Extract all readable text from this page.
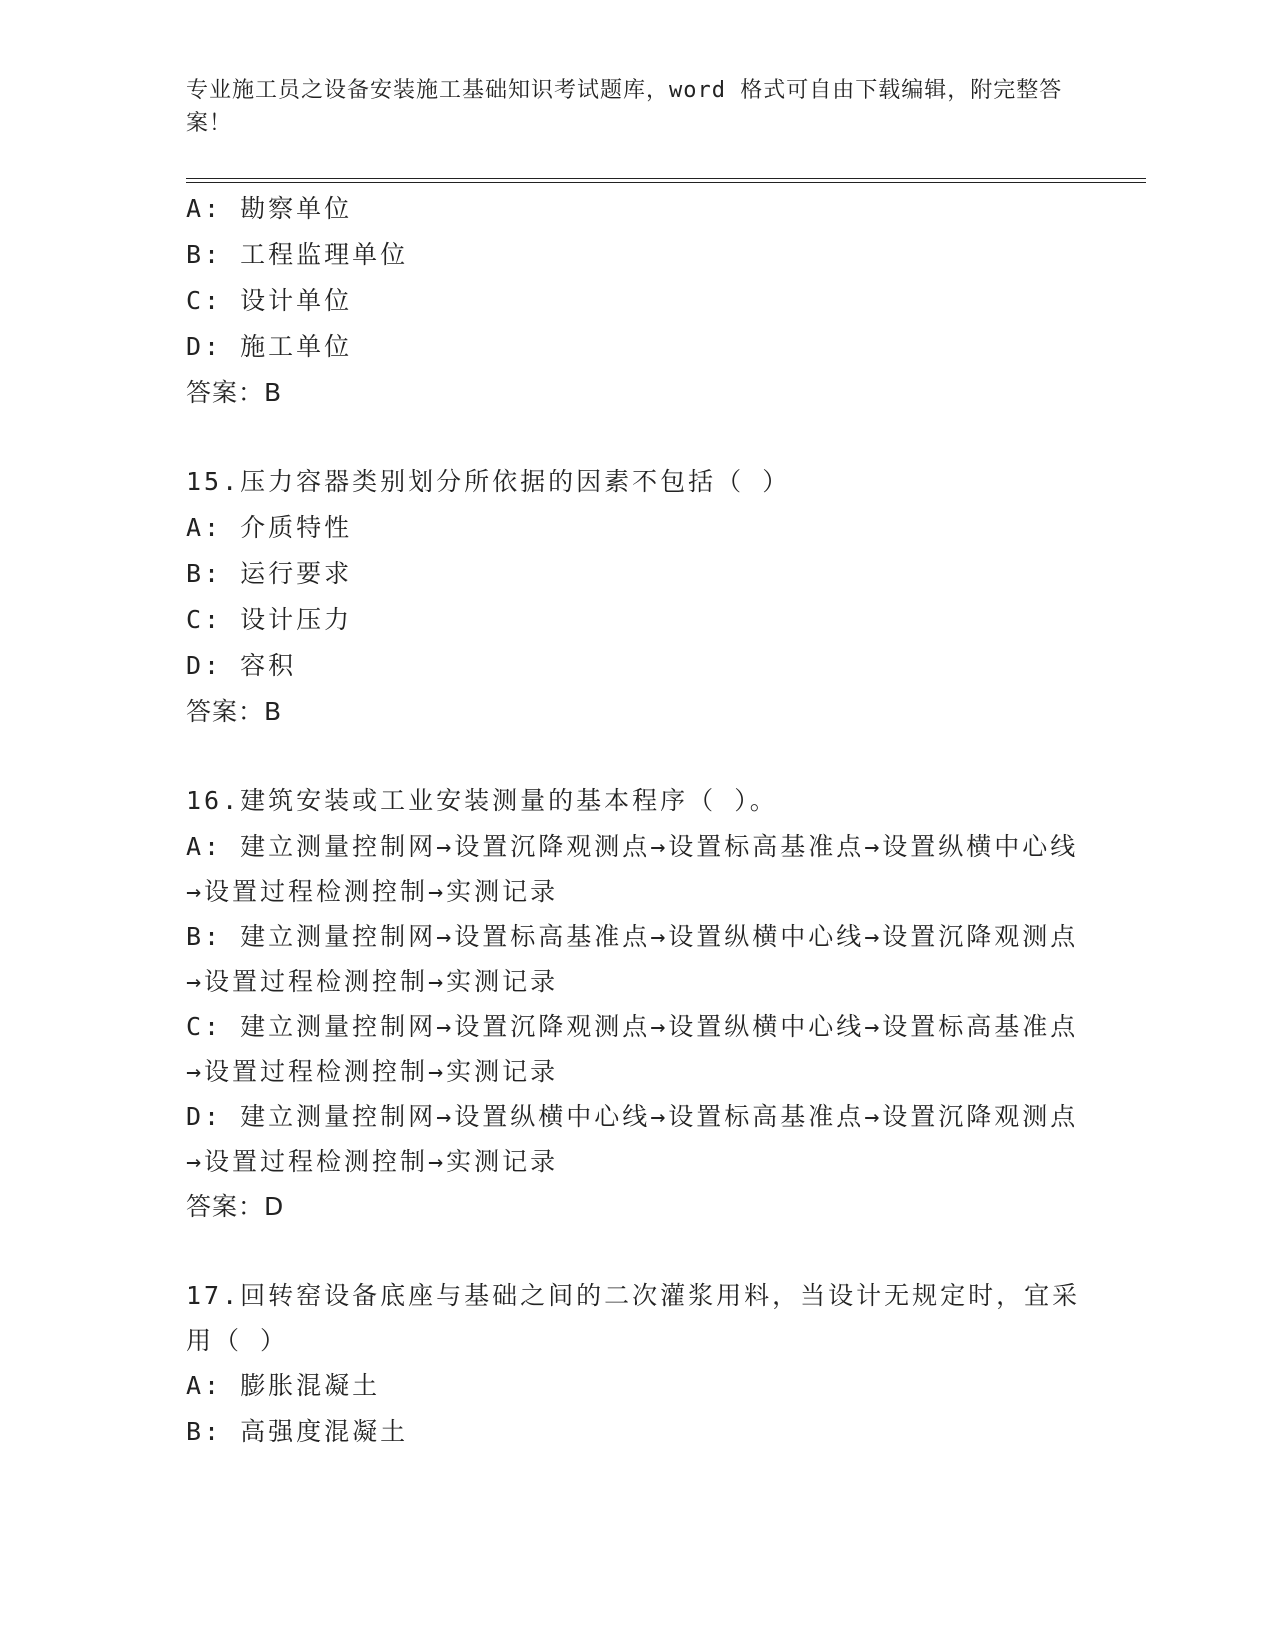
专业施工员之设备安装施工基础知识考试题库，word 格式可自由下载编辑，附完整答案！
A: 勘察单位
B: 工程监理单位
C: 设计单位
D: 施工单位
答案：B
15.压力容器类别划分所依据的因素不包括（ ）
A: 介质特性
B: 运行要求
C: 设计压力
D: 容积
答案：B
16.建筑安装或工业安装测量的基本程序（ ）。
A: 建立测量控制网→设置沉降观测点→设置标高基准点→设置纵横中心线→设置过程检测控制→实测记录
B: 建立测量控制网→设置标高基准点→设置纵横中心线→设置沉降观测点→设置过程检测控制→实测记录
C: 建立测量控制网→设置沉降观测点→设置纵横中心线→设置标高基准点→设置过程检测控制→实测记录
D: 建立测量控制网→设置纵横中心线→设置标高基准点→设置沉降观测点→设置过程检测控制→实测记录
答案：D
17.回转窑设备底座与基础之间的二次灌浆用料，当设计无规定时，宜采用（ ）
A: 膨胀混凝土
B: 高强度混凝土
